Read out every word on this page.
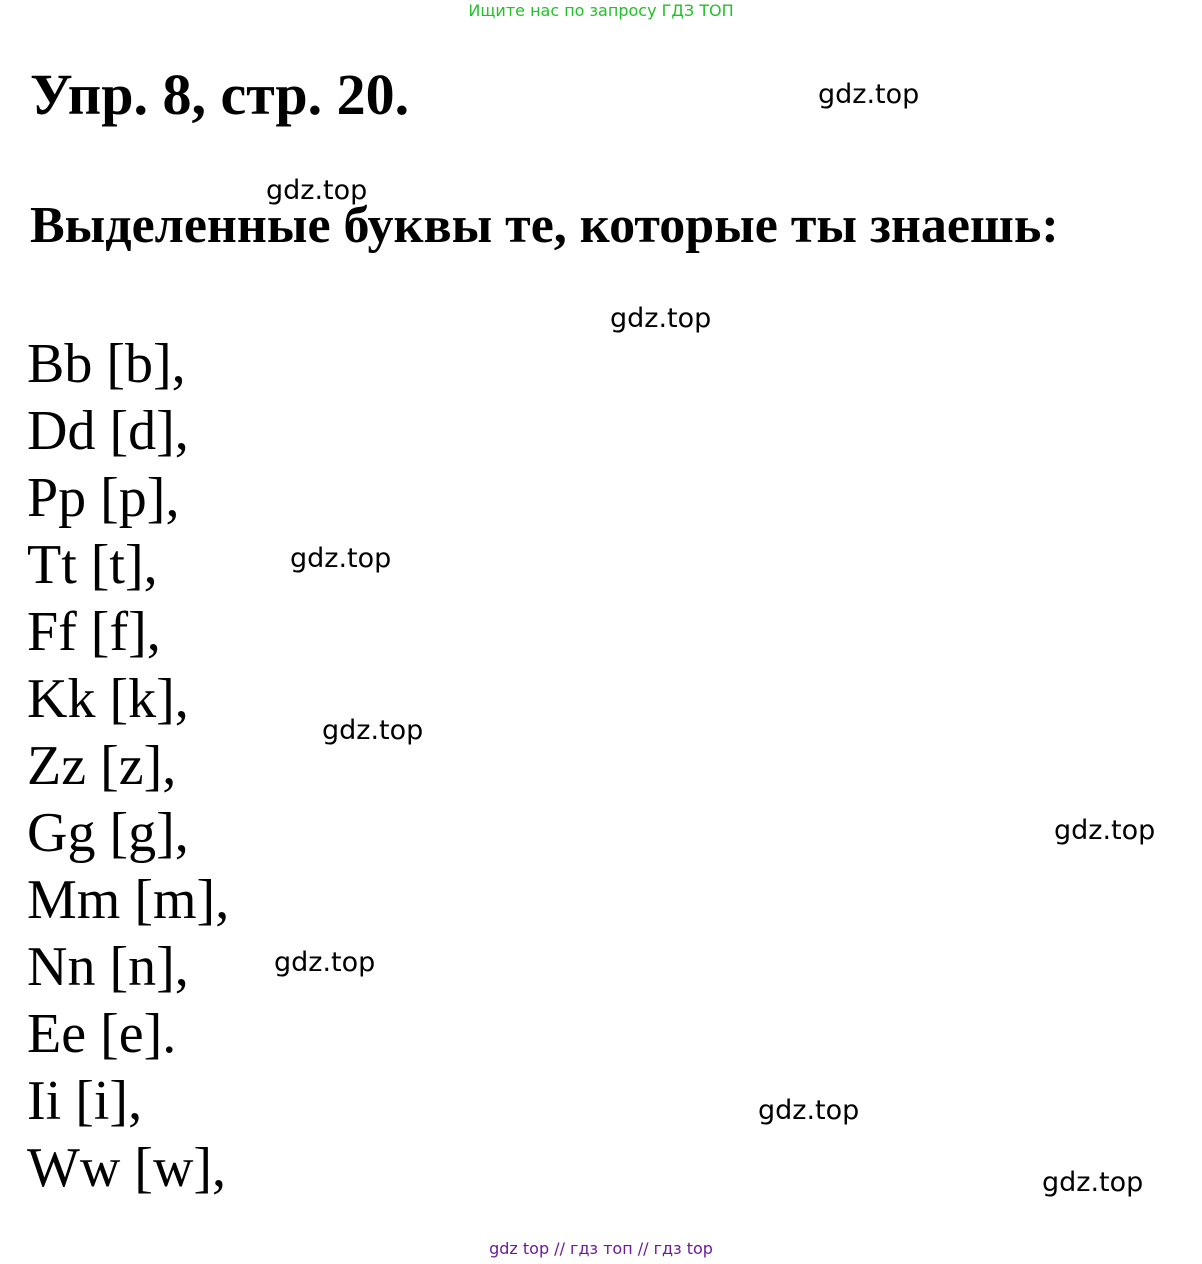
Ищите нас по запросу ГДЗ ТОП
Упр. 8, стр. 20.
Выделенные буквы те, которые ты знаешь:
Bb [b],
Dd [d],
Pp [p],
Tt [t],
Ff [f],
Kk [k],
Zz [z],
Gg [g],
Mm [m],
Nn [n],
Ee [e].
Ii [i],
Ww [w],
gdz.top
gdz.top
gdz.top
gdz.top
gdz.top
gdz.top
gdz.top
gdz.top
gdz.top
gdz top // гдз топ // гдз top
